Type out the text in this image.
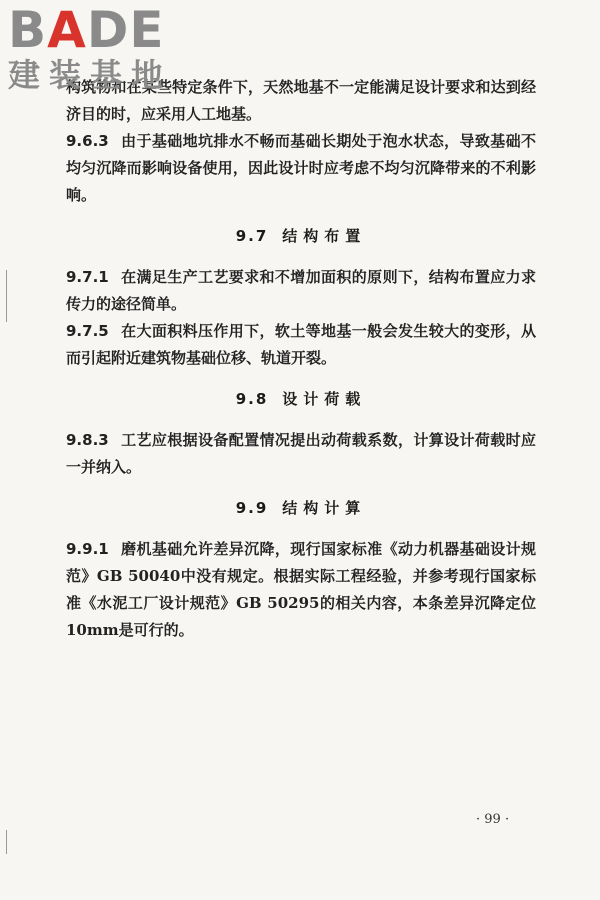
BADE
建装基地

构筑物和在某些特定条件下，天然地基不一定能满足设计要求和达到经济目的时，应采用人工地基。

9.6.3 由于基础地坑排水不畅而基础长期处于泡水状态，导致基础不均匀沉降而影响设备使用，因此设计时应考虑不均匀沉降带来的不利影响。

9.7 结构布置

9.7.1 在满足生产工艺要求和不增加面积的原则下，结构布置应力求传力的途径简单。

9.7.5 在大面积料压作用下，软土等地基一般会发生较大的变形，从而引起附近建筑物基础位移、轨道开裂。

9.8 设计荷载

9.8.3 工艺应根据设备配置情况提出动荷载系数，计算设计荷载时应一并纳入。

9.9 结构计算

9.9.1 磨机基础允许差异沉降，现行国家标准《动力机器基础设计规范》GB 50040中没有规定。根据实际工程经验，并参考现行国家标准《水泥工厂设计规范》GB 50295的相关内容，本条差异沉降定位10mm是可行的。

· 99 ·
